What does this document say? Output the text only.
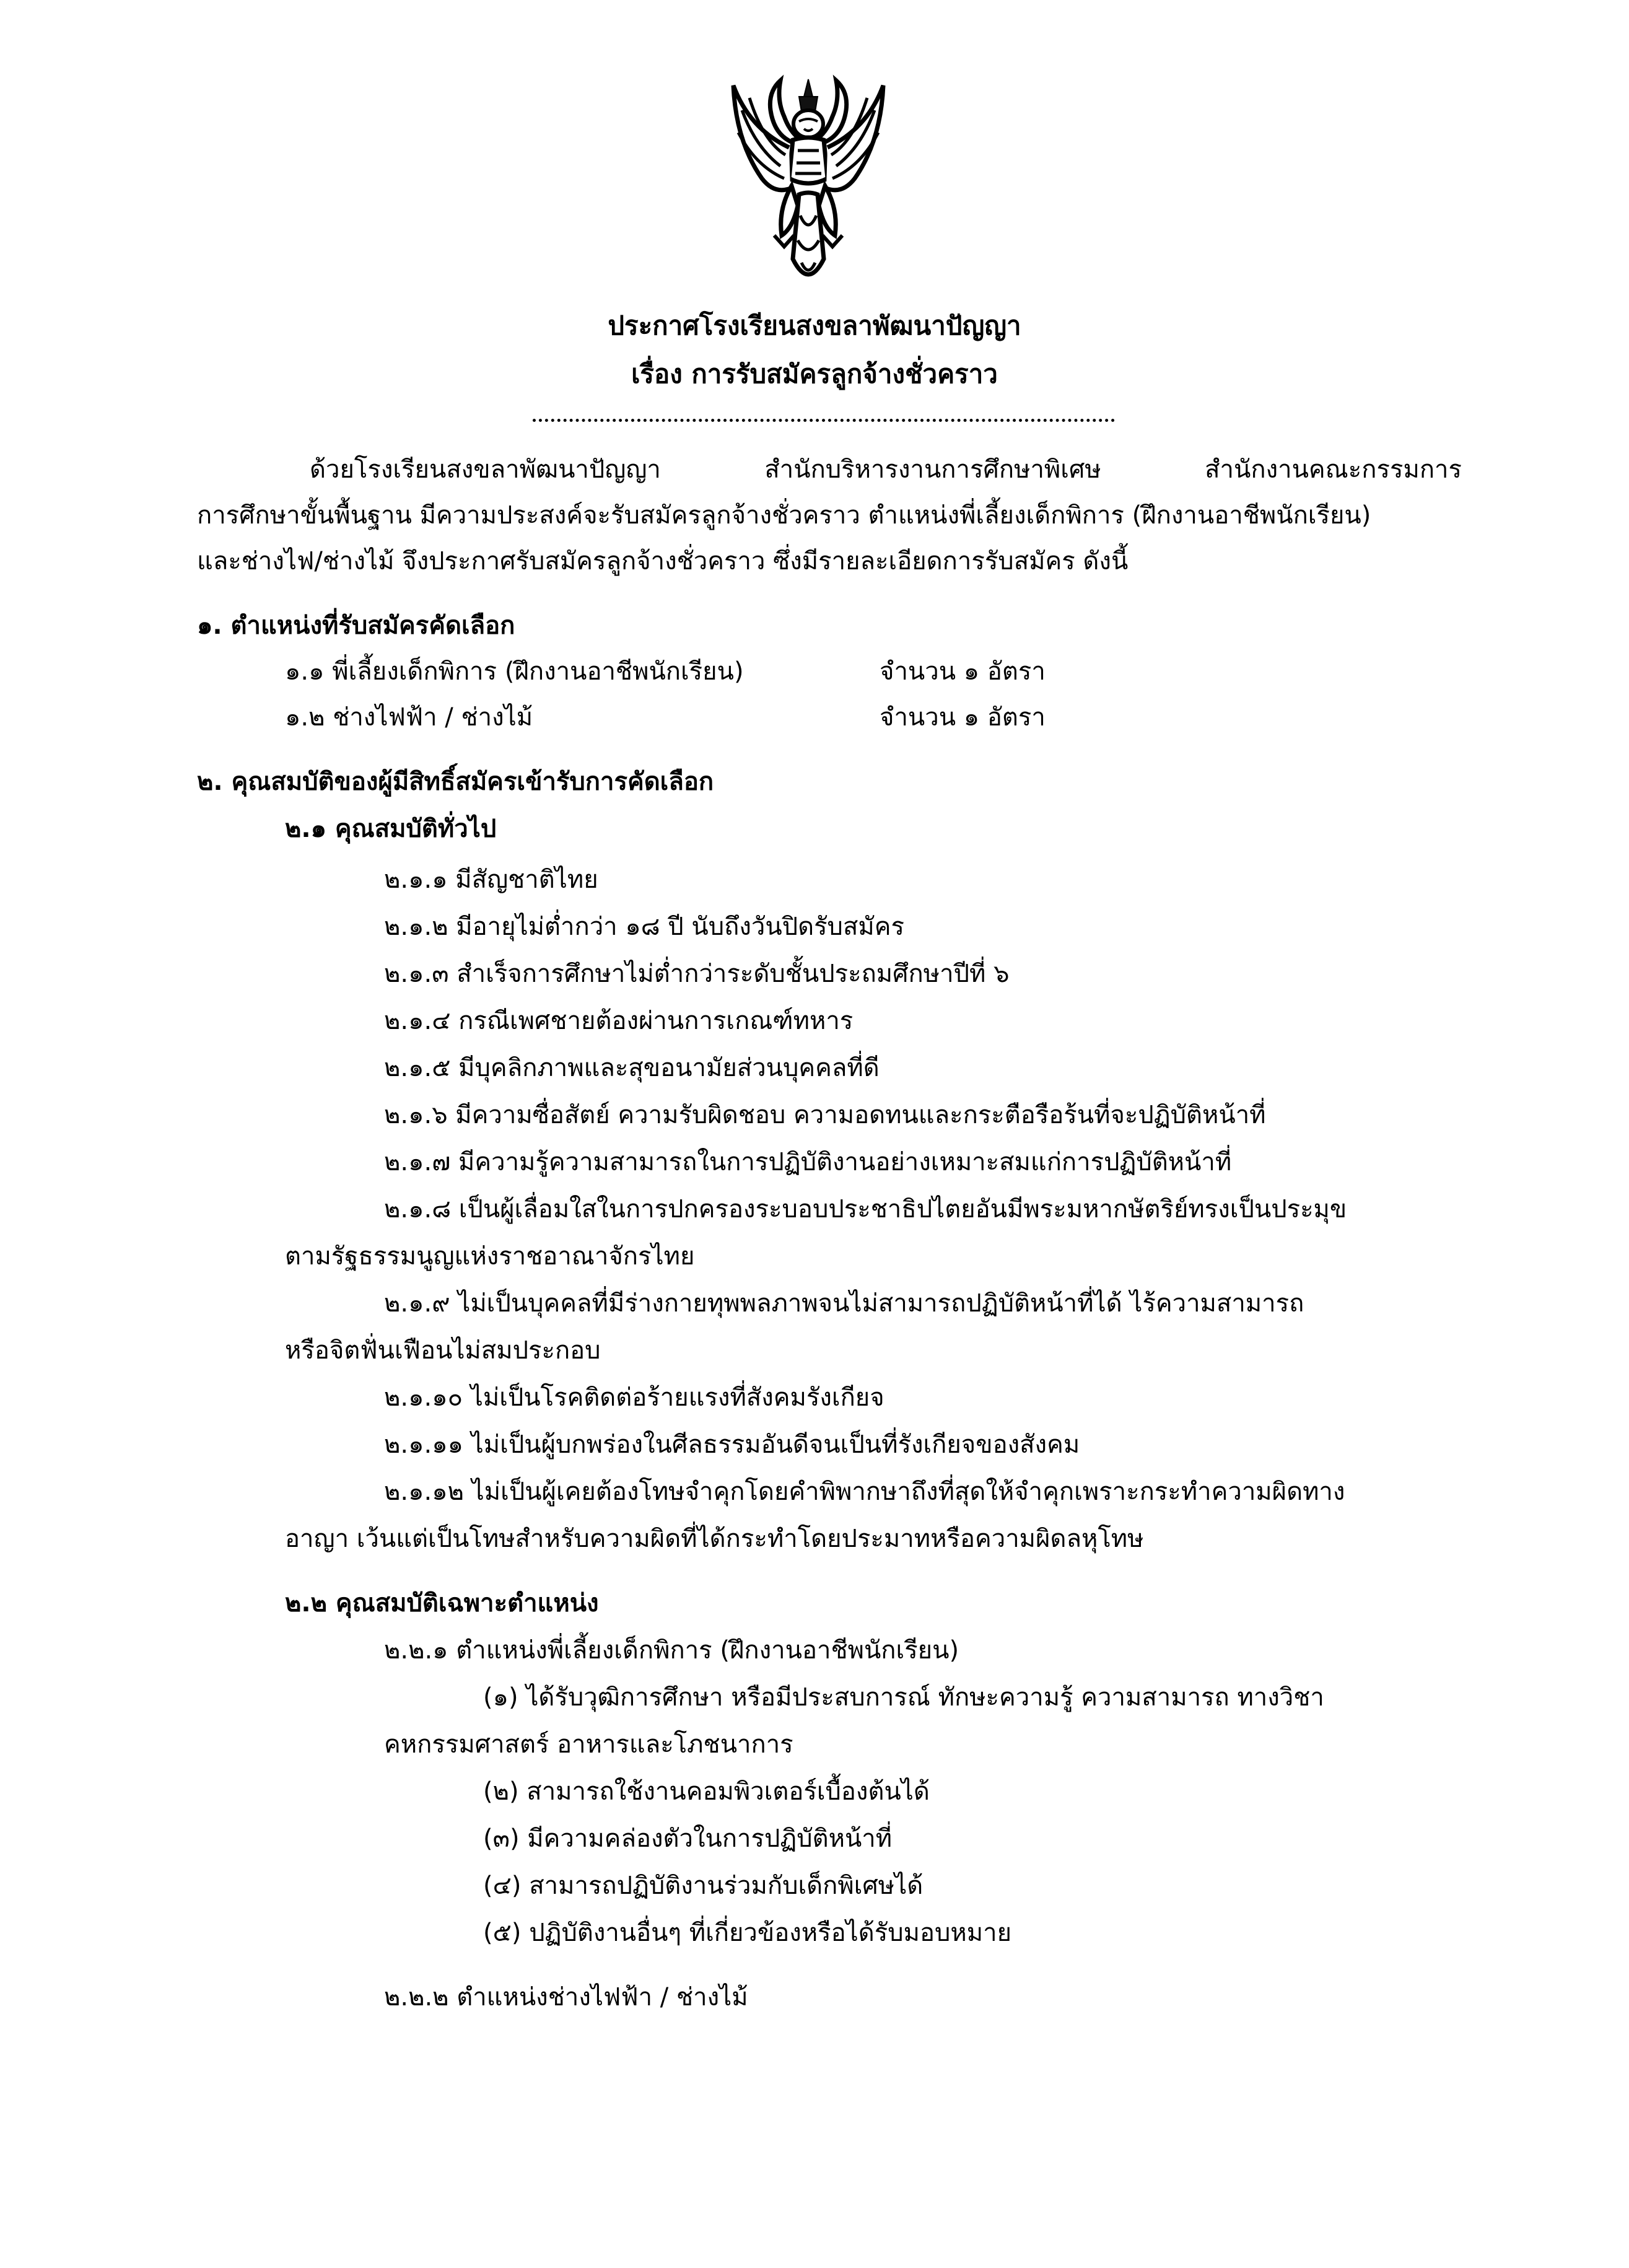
ประกาศโรงเรียนสงขลาพัฒนาปัญญา
เรื่อง การรับสมัครลูกจ้างชั่วคราว
ด้วยโรงเรียนสงขลาพัฒนาปัญญา	สำนักบริหารงานการศึกษาพิเศษ	สำนักงานคณะกรรมการ
การศึกษาขั้นพื้นฐาน มีความประสงค์จะรับสมัครลูกจ้างชั่วคราว ตำแหน่งพี่เลี้ยงเด็กพิการ (ฝึกงานอาชีพนักเรียน)
และช่างไฟ/ช่างไม้ จึงประกาศรับสมัครลูกจ้างชั่วคราว ซึ่งมีรายละเอียดการรับสมัคร ดังนี้
๑. ตำแหน่งที่รับสมัครคัดเลือก
๑.๑ พี่เลี้ยงเด็กพิการ (ฝึกงานอาชีพนักเรียน)	จำนวน ๑ อัตรา
๑.๒ ช่างไฟฟ้า / ช่างไม้	จำนวน ๑ อัตรา
๒. คุณสมบัติของผู้มีสิทธิ์สมัครเข้ารับการคัดเลือก
๒.๑ คุณสมบัติทั่วไป
๒.๑.๑ มีสัญชาติไทย
๒.๑.๒ มีอายุไม่ต่ำกว่า ๑๘ ปี นับถึงวันปิดรับสมัคร
๒.๑.๓ สำเร็จการศึกษาไม่ต่ำกว่าระดับชั้นประถมศึกษาปีที่ ๖
๒.๑.๔ กรณีเพศชายต้องผ่านการเกณฑ์ทหาร
๒.๑.๕ มีบุคลิกภาพและสุขอนามัยส่วนบุคคลที่ดี
๒.๑.๖ มีความซื่อสัตย์ ความรับผิดชอบ ความอดทนและกระตือรือร้นที่จะปฏิบัติหน้าที่
๒.๑.๗ มีความรู้ความสามารถในการปฏิบัติงานอย่างเหมาะสมแก่การปฏิบัติหน้าที่
๒.๑.๘ เป็นผู้เลื่อมใสในการปกครองระบอบประชาธิปไตยอันมีพระมหากษัตริย์ทรงเป็นประมุข
ตามรัฐธรรมนูญแห่งราชอาณาจักรไทย
๒.๑.๙ ไม่เป็นบุคคลที่มีร่างกายทุพพลภาพจนไม่สามารถปฏิบัติหน้าที่ได้ ไร้ความสามารถ
หรือจิตฟั่นเฟือนไม่สมประกอบ
๒.๑.๑๐ ไม่เป็นโรคติดต่อร้ายแรงที่สังคมรังเกียจ
๒.๑.๑๑ ไม่เป็นผู้บกพร่องในศีลธรรมอันดีจนเป็นที่รังเกียจของสังคม
๒.๑.๑๒ ไม่เป็นผู้เคยต้องโทษจำคุกโดยคำพิพากษาถึงที่สุดให้จำคุกเพราะกระทำความผิดทาง
อาญา เว้นแต่เป็นโทษสำหรับความผิดที่ได้กระทำโดยประมาทหรือความผิดลหุโทษ
๒.๒ คุณสมบัติเฉพาะตำแหน่ง
๒.๒.๑ ตำแหน่งพี่เลี้ยงเด็กพิการ (ฝึกงานอาชีพนักเรียน)
(๑) ได้รับวุฒิการศึกษา หรือมีประสบการณ์ ทักษะความรู้ ความสามารถ ทางวิชา
คหกรรมศาสตร์ อาหารและโภชนาการ
(๒) สามารถใช้งานคอมพิวเตอร์เบื้องต้นได้
(๓) มีความคล่องตัวในการปฏิบัติหน้าที่
(๔) สามารถปฏิบัติงานร่วมกับเด็กพิเศษได้
(๕) ปฏิบัติงานอื่นๆ ที่เกี่ยวข้องหรือได้รับมอบหมาย
๒.๒.๒ ตำแหน่งช่างไฟฟ้า / ช่างไม้
